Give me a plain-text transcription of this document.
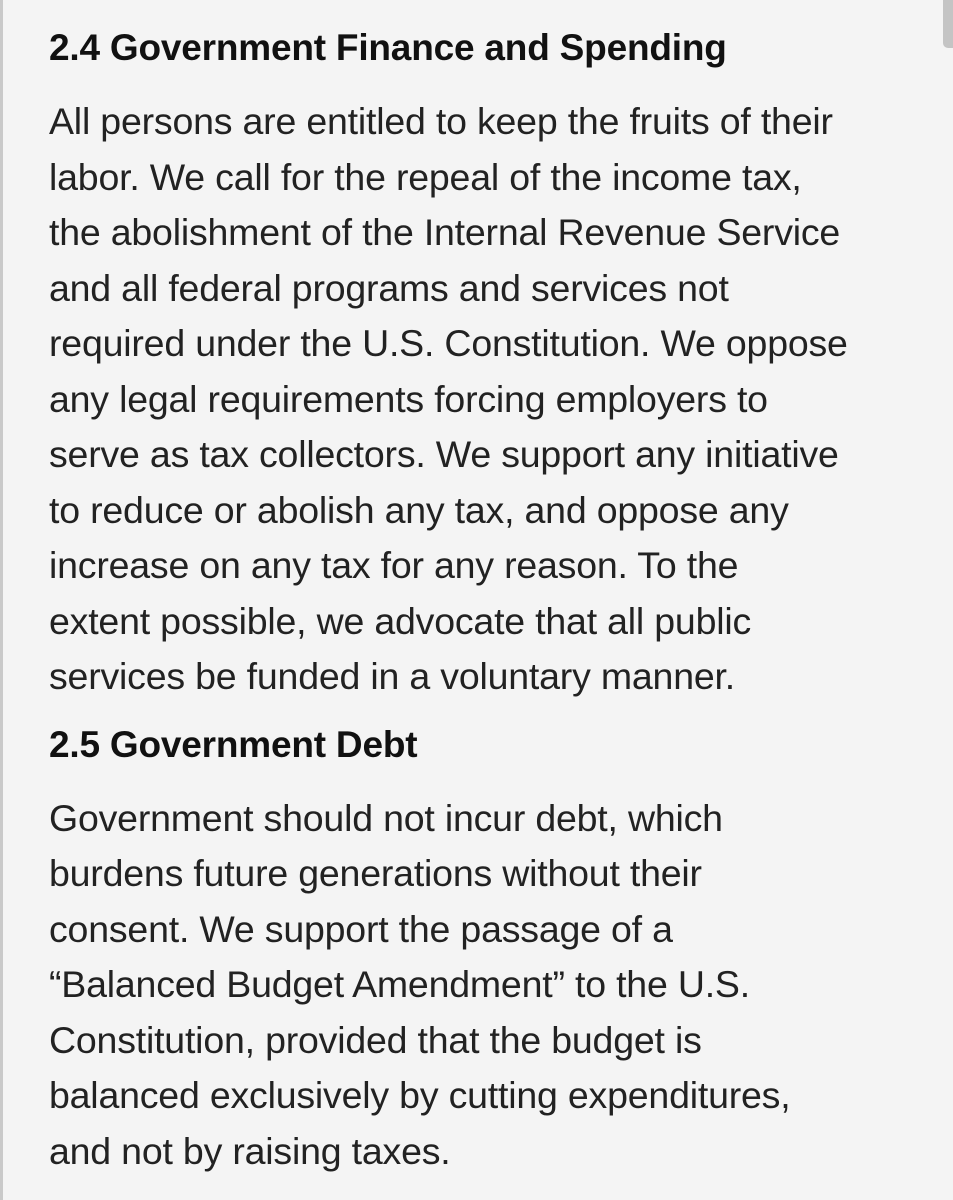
2.4 Government Finance and Spending
All persons are entitled to keep the fruits of their
labor. We call for the repeal of the income tax,
the abolishment of the Internal Revenue Service
and all federal programs and services not
required under the U.S. Constitution. We oppose
any legal requirements forcing employers to
serve as tax collectors. We support any initiative
to reduce or abolish any tax, and oppose any
increase on any tax for any reason. To the
extent possible, we advocate that all public
services be funded in a voluntary manner.
2.5 Government Debt
Government should not incur debt, which
burdens future generations without their
consent. We support the passage of a
“Balanced Budget Amendment” to the U.S.
Constitution, provided that the budget is
balanced exclusively by cutting expenditures,
and not by raising taxes.
